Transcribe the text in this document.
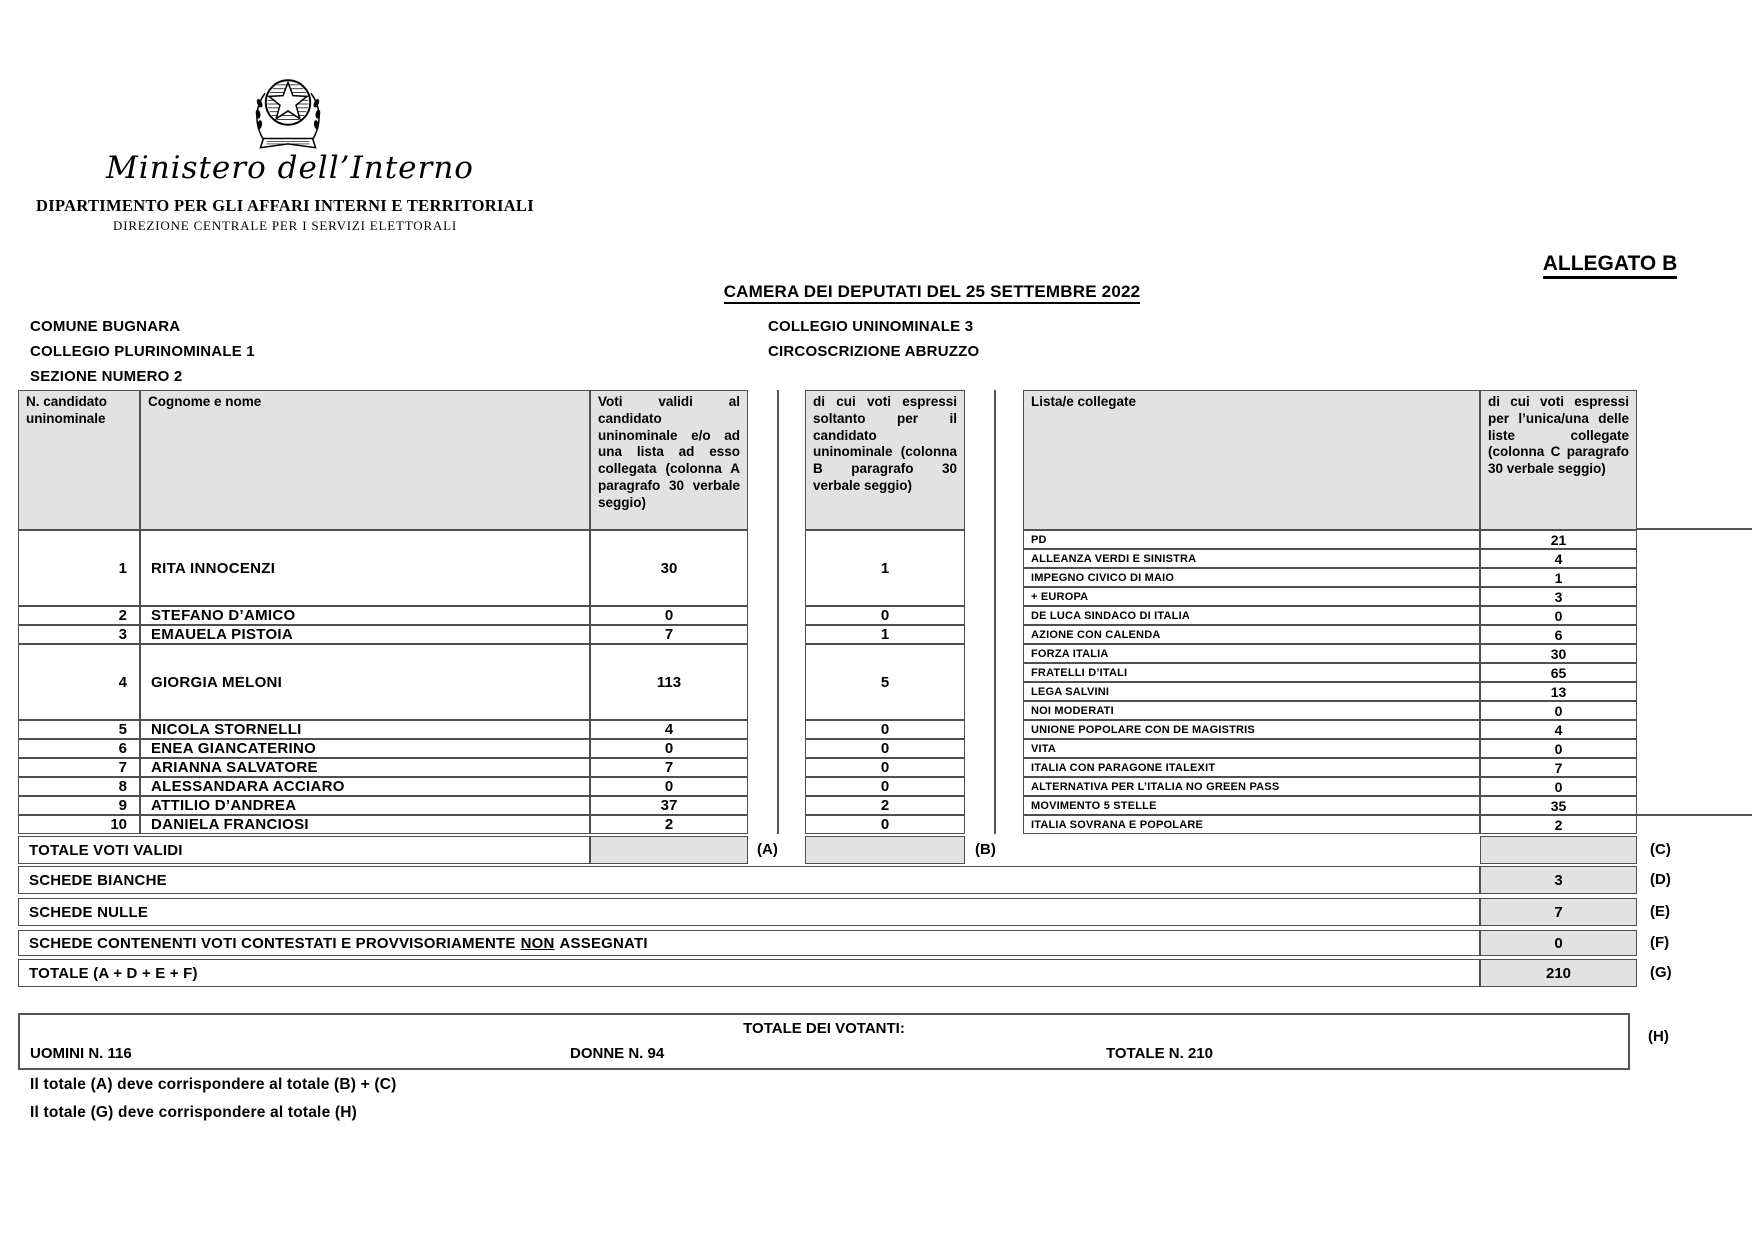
Ministero dell’Interno
DIPARTIMENTO PER GLI AFFARI INTERNI E TERRITORIALI
DIREZIONE CENTRALE PER I SERVIZI ELETTORALI
ALLEGATO B
CAMERA DEI DEPUTATI DEL 25 SETTEMBRE 2022
COMUNE BUGNARA
COLLEGIO PLURINOMINALE 1
SEZIONE NUMERO 2
COLLEGIO UNINOMINALE 3
CIRCOSCRIZIONE ABRUZZO
N. candidato uninominale
Cognome e nome	Voti validi al candidato uninominale e/o ad una lista ad esso collegata (colonna A paragrafo 30 verbale seggio)
di cui voti espressi soltanto per il candidato uninominale (colonna B paragrafo 30 verbale seggio)
Lista/e collegate	di cui voti espressi per l’unica/una delle liste collegate (colonna C paragrafo 30 verbale seggio)
1	RITA INNOCENZI	30	1
2	STEFANO D’AMICO	0	0
3	EMAUELA PISTOIA	7	1
4	GIORGIA MELONI	113	5
5	NICOLA STORNELLI	4	0
6	ENEA GIANCATERINO	0	0
7	ARIANNA SALVATORE	7	0
8	ALESSANDARA ACCIARO	0	0
9	ATTILIO D’ANDREA	37	2
10	DANIELA FRANCIOSI	2	0
PD	21
ALLEANZA VERDI E SINISTRA	4
IMPEGNO CIVICO DI MAIO	1
+ EUROPA	3
DE LUCA SINDACO DI ITALIA	0
AZIONE CON CALENDA	6
FORZA ITALIA	30
FRATELLI D’ITALI	65
LEGA SALVINI	13
NOI MODERATI	0
UNIONE POPOLARE CON DE MAGISTRIS	4
VITA	0
ITALIA CON PARAGONE ITALEXIT	7
ALTERNATIVA PER L’ITALIA NO GREEN PASS	0
MOVIMENTO 5 STELLE	35
ITALIA SOVRANA E POPOLARE	2
TOTALE VOTI VALIDI	(A)	(B)	(C)
SCHEDE BIANCHE	3	(D)
SCHEDE NULLE	7	(E)
SCHEDE CONTENENTI VOTI CONTESTATI E PROVVISORIAMENTE NON ASSEGNATI	0	(F)
TOTALE (A + D + E + F)	210	(G)
TOTALE DEI VOTANTI:
UOMINI N. 116	DONNE N. 94	TOTALE N. 210
(H)
Il totale (A) deve corrispondere al totale (B) + (C)
Il totale (G) deve corrispondere al totale (H)
